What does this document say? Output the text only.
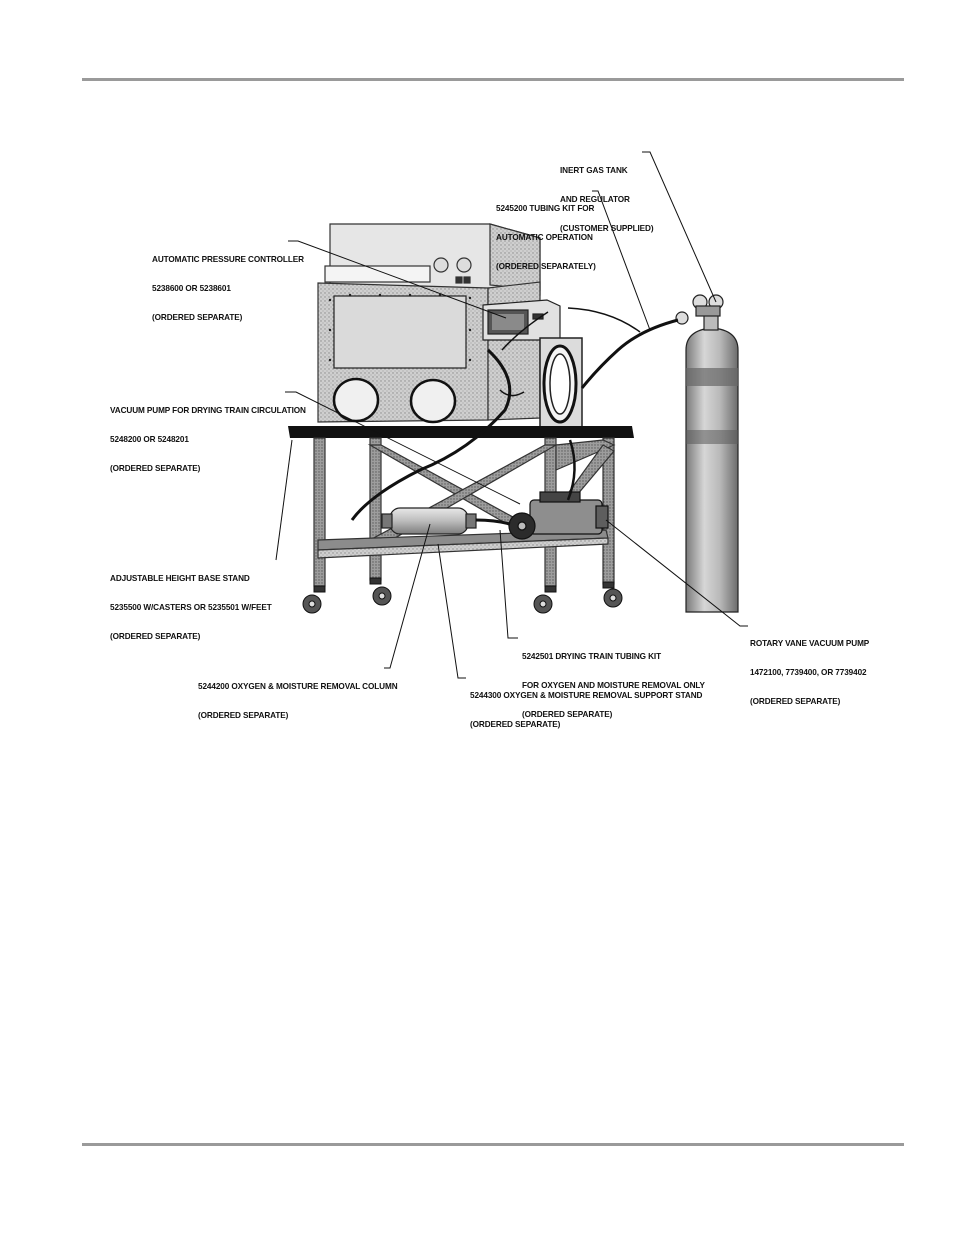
INERT GAS TANK

AND REGULATOR

(CUSTOMER SUPPLIED)

5245200 TUBING KIT FOR

AUTOMATIC OPERATION

(ORDERED SEPARATELY)

AUTOMATIC PRESSURE CONTROLLER

5238600 OR 5238601

(ORDERED SEPARATE)

VACUUM PUMP FOR DRYING TRAIN CIRCULATION

5248200 OR 5248201

(ORDERED SEPARATE)

ADJUSTABLE HEIGHT BASE STAND

5235500 W/CASTERS OR 5235501 W/FEET

(ORDERED SEPARATE)

5242501 DRYING TRAIN TUBING KIT

FOR OXYGEN AND MOISTURE REMOVAL ONLY

(ORDERED SEPARATE)

ROTARY VANE VACUUM PUMP

1472100, 7739400, OR 7739402

(ORDERED SEPARATE)

5244200 OXYGEN & MOISTURE REMOVAL COLUMN

(ORDERED SEPARATE)

5244300 OXYGEN & MOISTURE REMOVAL SUPPORT STAND

(ORDERED SEPARATE)
